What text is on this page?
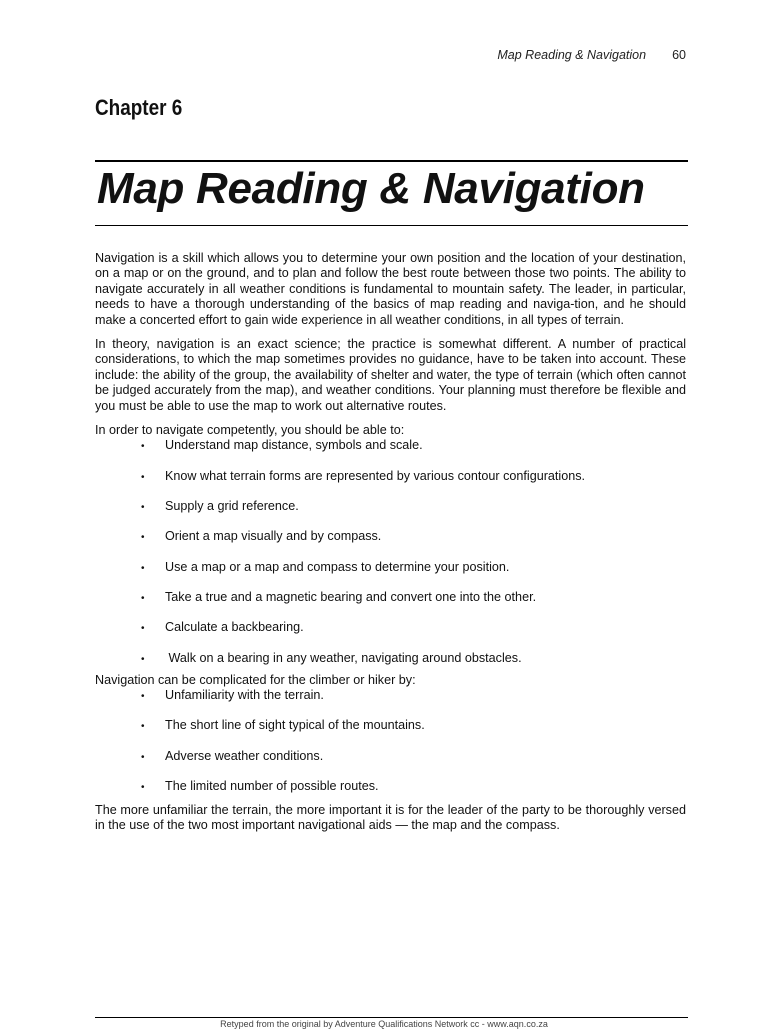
Map Reading & Navigation 60
Chapter 6
Map Reading & Navigation

Navigation is a skill which allows you to determine your own position and the location of your destination, on a map or on the ground, and to plan and follow the best route between those two points. The ability to navigate accurately in all weather conditions is fundamental to mountain safety. The leader, in particular, needs to have a thorough understanding of the basics of map reading and naviga-tion, and he should make a concerted effort to gain wide experience in all weather conditions, in all types of terrain.

In theory, navigation is an exact science; the practice is somewhat different. A number of practical considerations, to which the map sometimes provides no guidance, have to be taken into account. These include: the ability of the group, the availability of shelter and water, the type of terrain (which often cannot be judged accurately from the map), and weather conditions. Your planning must therefore be flexible and you must be able to use the map to work out alternative routes.

In order to navigate competently, you should be able to:

• Understand map distance, symbols and scale.
• Know what terrain forms are represented by various contour configurations.
• Supply a grid reference.
• Orient a map visually and by compass.
• Use a map or a map and compass to determine your position.
• Take a true and a magnetic bearing and convert one into the other.
• Calculate a backbearing.
• Walk on a bearing in any weather, navigating around obstacles.

Navigation can be complicated for the climber or hiker by:

• Unfamiliarity with the terrain.
• The short line of sight typical of the mountains.
• Adverse weather conditions.
• The limited number of possible routes.

The more unfamiliar the terrain, the more important it is for the leader of the party to be thoroughly versed in the use of the two most important navigational aids — the map and the compass.

Retyped from the original by Adventure Qualifications Network cc - www.aqn.co.za
